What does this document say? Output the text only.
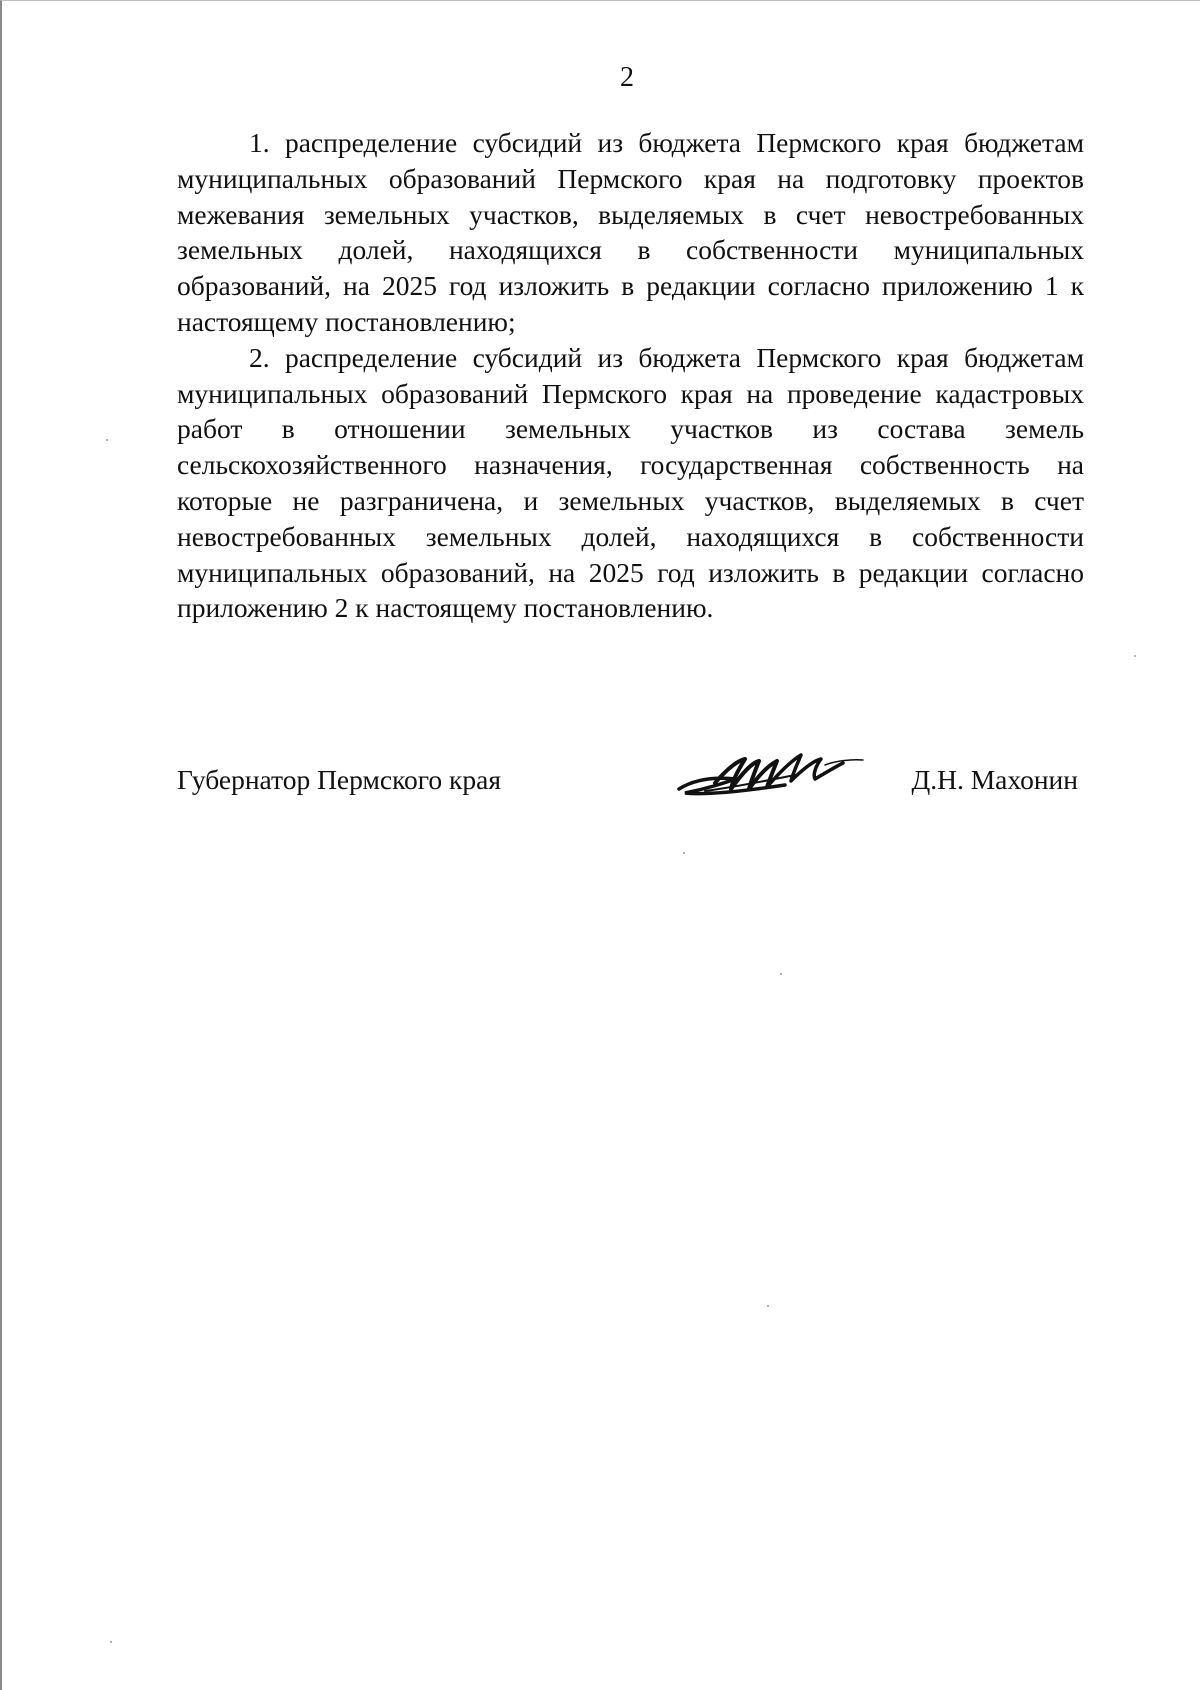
2

1. распределение субсидий из бюджета Пермского края бюджетам муниципальных образований Пермского края на подготовку проектов межевания земельных участков, выделяемых в счет невостребованных земельных долей, находящихся в собственности муниципальных образований, на 2025 год изложить в редакции согласно приложению 1 к настоящему постановлению;

2. распределение субсидий из бюджета Пермского края бюджетам муниципальных образований Пермского края на проведение кадастровых работ в отношении земельных участков из состава земель сельскохозяйственного назначения, государственная собственность на которые не разграничена, и земельных участков, выделяемых в счет невостребованных земельных долей, находящихся в собственности муниципальных образований, на 2025 год изложить в редакции согласно приложению 2 к настоящему постановлению.

Губернатор Пермского края	Д.Н. Махонин
